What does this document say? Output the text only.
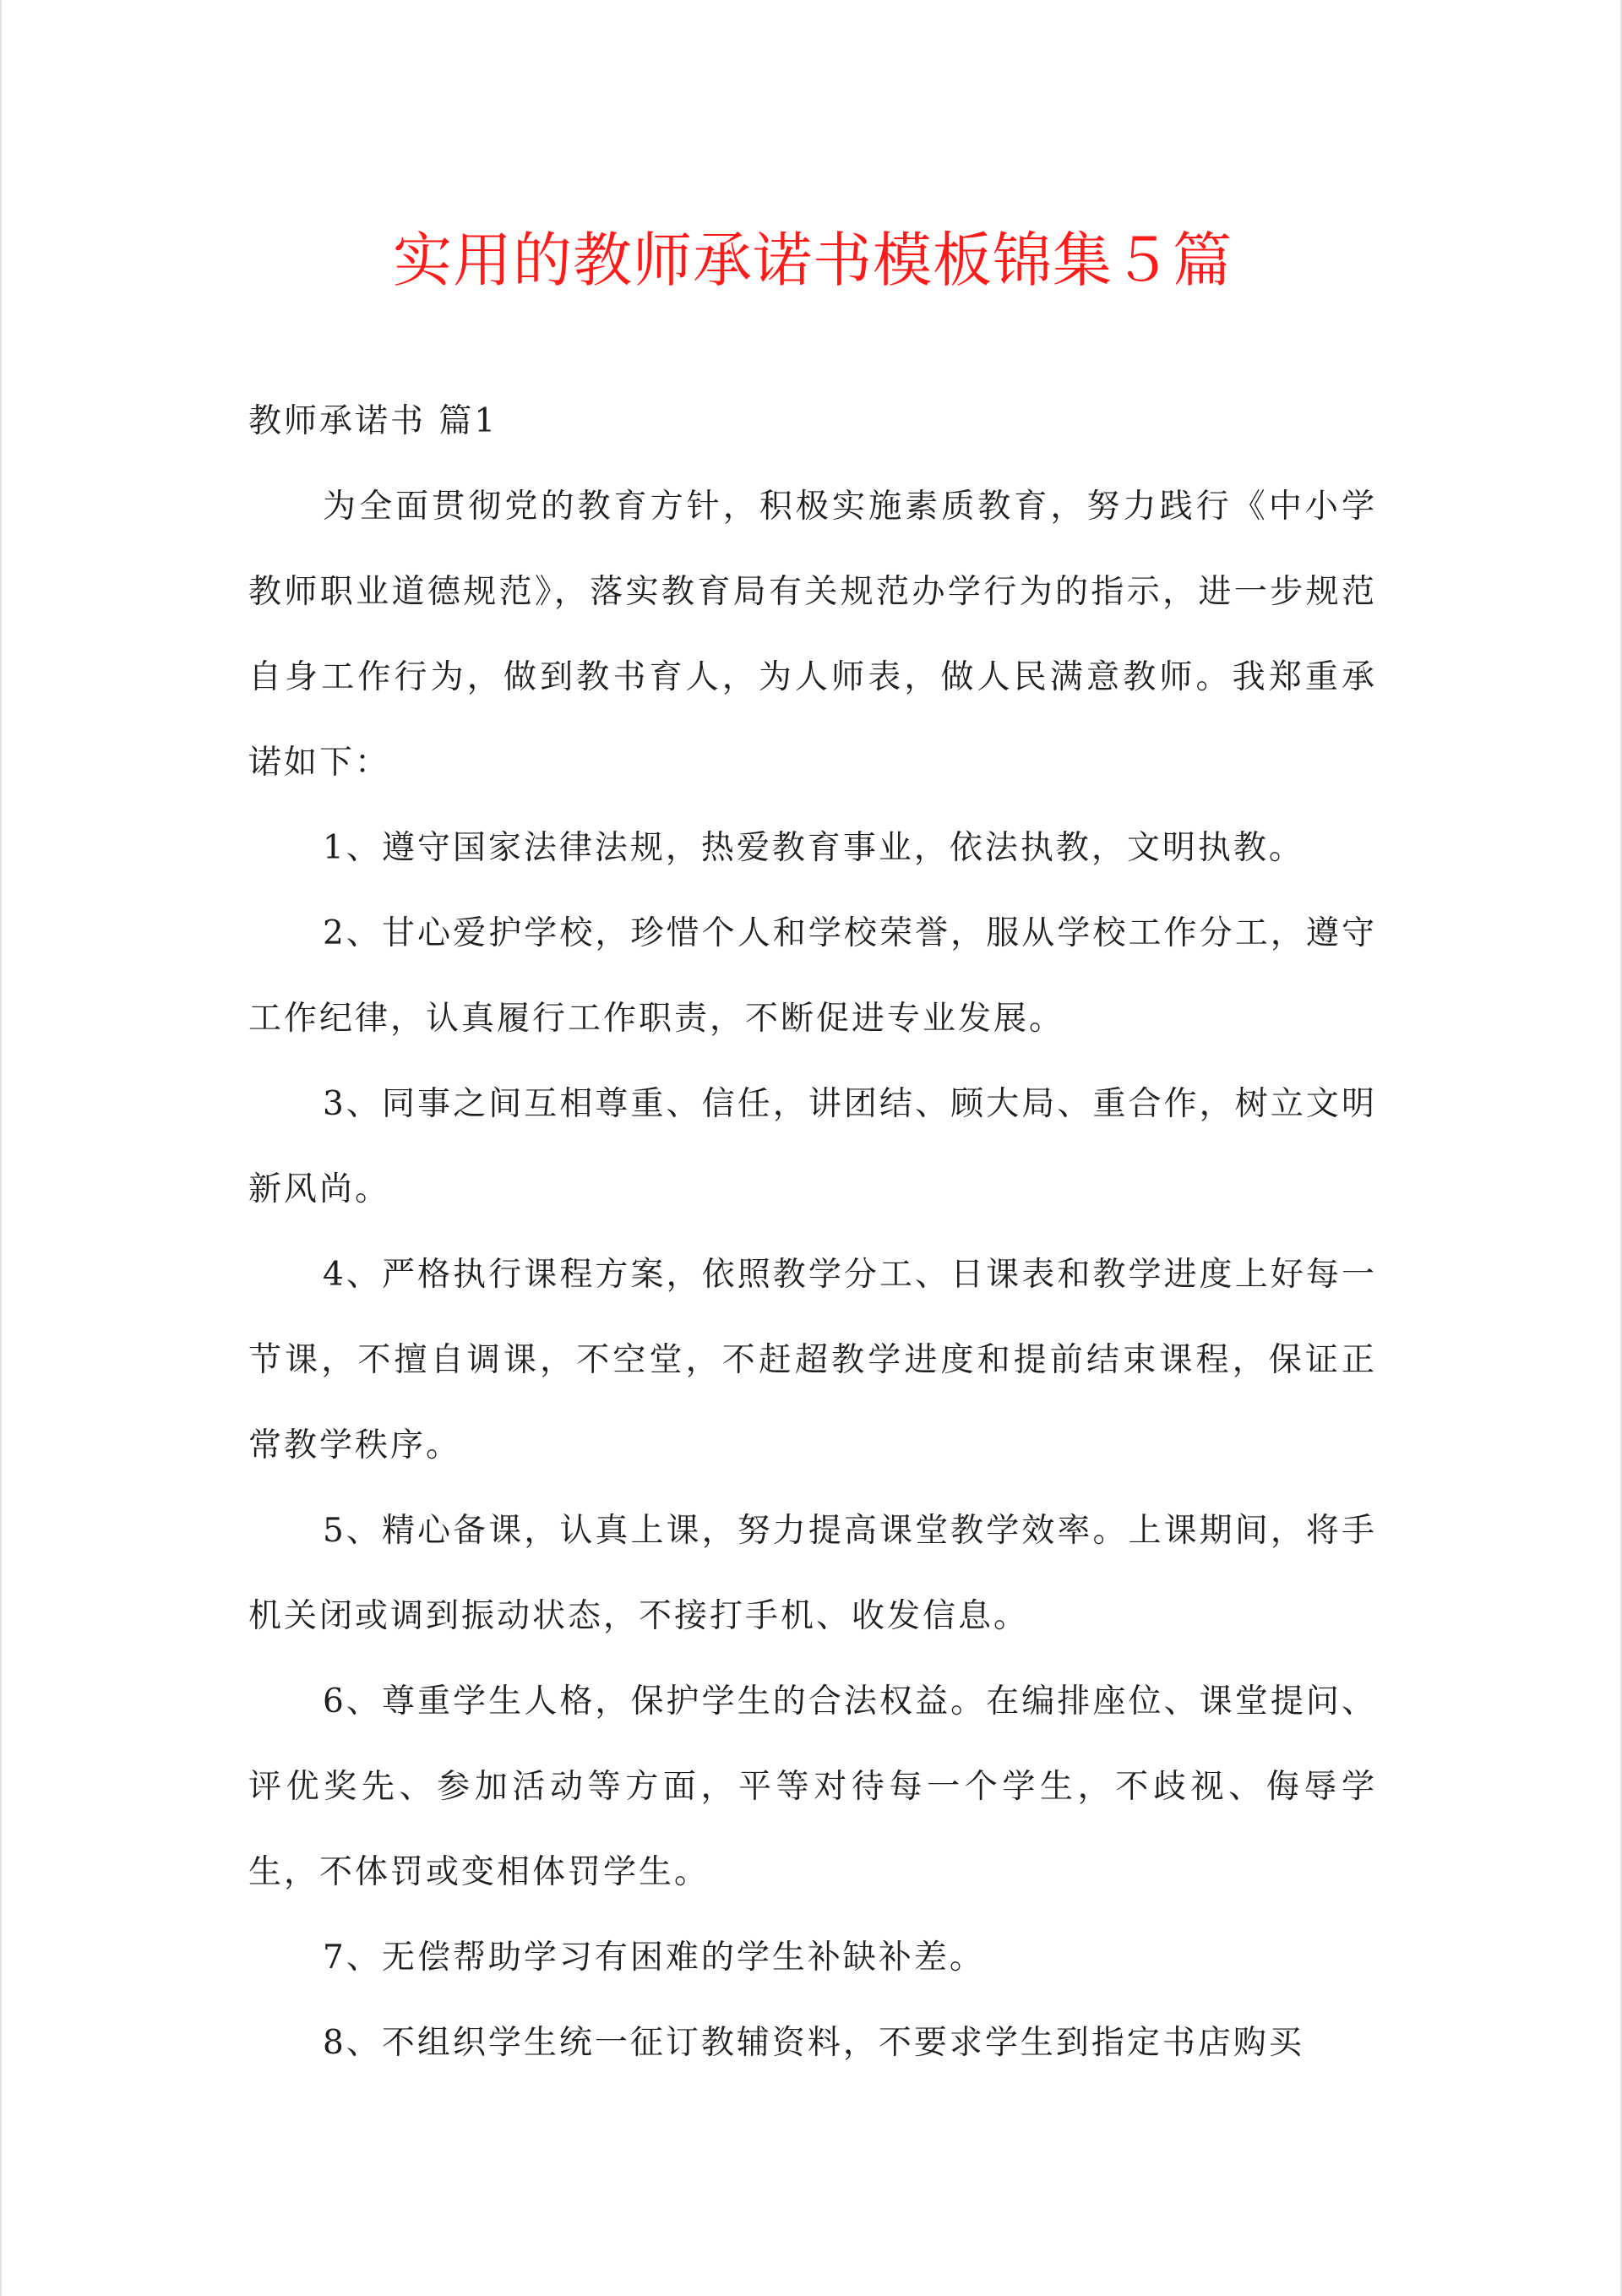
实用的教师承诺书模板锦集５篇

教师承诺书 篇1

为全面贯彻党的教育方针，积极实施素质教育，努力践行《中小学教师职业道德规范》，落实教育局有关规范办学行为的指示，进一步规范自身工作行为，做到教书育人，为人师表，做人民满意教师。我郑重承诺如下：

1、遵守国家法律法规，热爱教育事业，依法执教，文明执教。

2、甘心爱护学校，珍惜个人和学校荣誉，服从学校工作分工，遵守工作纪律，认真履行工作职责，不断促进专业发展。

3、同事之间互相尊重、信任，讲团结、顾大局、重合作，树立文明新风尚。

4、严格执行课程方案，依照教学分工、日课表和教学进度上好每一节课，不擅自调课，不空堂，不赶超教学进度和提前结束课程，保证正常教学秩序。

5、精心备课，认真上课，努力提高课堂教学效率。上课期间，将手机关闭或调到振动状态，不接打手机、收发信息。

6、尊重学生人格，保护学生的合法权益。在编排座位、课堂提问、评优奖先、参加活动等方面，平等对待每一个学生，不歧视、侮辱学生，不体罚或变相体罚学生。

7、无偿帮助学习有困难的学生补缺补差。

8、不组织学生统一征订教辅资料，不要求学生到指定书店购买
